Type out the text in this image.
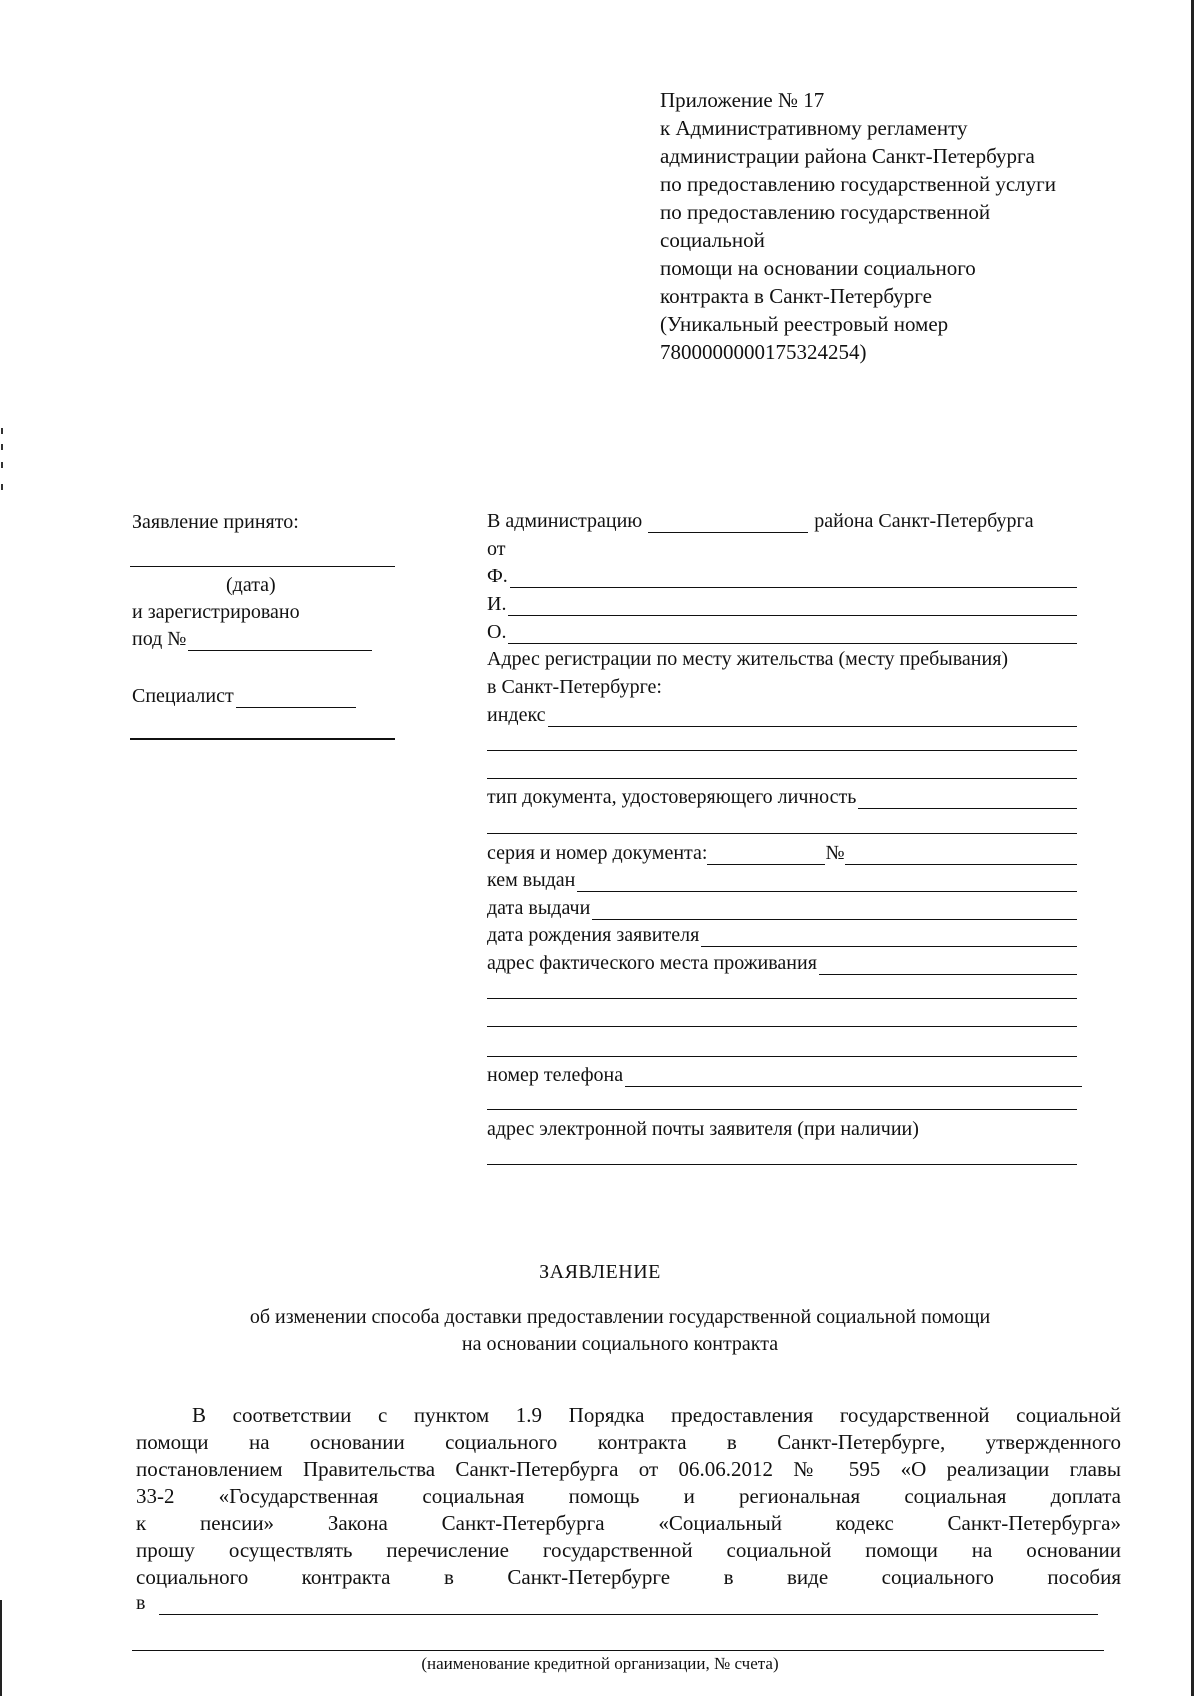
Приложение № 17
к Административному регламенту
администрации района Санкт-Петербурга
по предоставлению государственной услуги
по предоставлению государственной
социальной
помощи на основании социального
контракта в Санкт-Петербурге
(Уникальный реестровый номер
7800000000175324254)
Заявление принято:
(дата)
и зарегистрировано
под №
Специалист
В администрацию	района Санкт-Петербурга
от
Ф.
И.
О.
Адрес регистрации по месту жительства (месту пребывания)
в Санкт-Петербурге:
индекс
тип документа, удостоверяющего личность
серия и номер документа:	№
кем выдан
дата выдачи
дата рождения заявителя
адрес фактического места проживания
номер телефона
адрес электронной почты заявителя (при наличии)
ЗАЯВЛЕНИЕ
об изменении способа доставки предоставлении государственной социальной помощи
на основании социального контракта
В соответствии с пунктом 1.9 Порядка предоставления государственной социальной
помощи на основании социального контракта в Санкт-Петербурге, утвержденного
постановлением Правительства Санкт-Петербурга от 06.06.2012 № 595 «О реализации главы
33-2 «Государственная социальная помощь и региональная социальная доплата
к пенсии» Закона Санкт-Петербурга «Социальный кодекс Санкт-Петербурга»
прошу осуществлять перечисление государственной социальной помощи на основании
социального контракта в Санкт-Петербурге в виде социального пособия
в
(наименование кредитной организации, № счета)
